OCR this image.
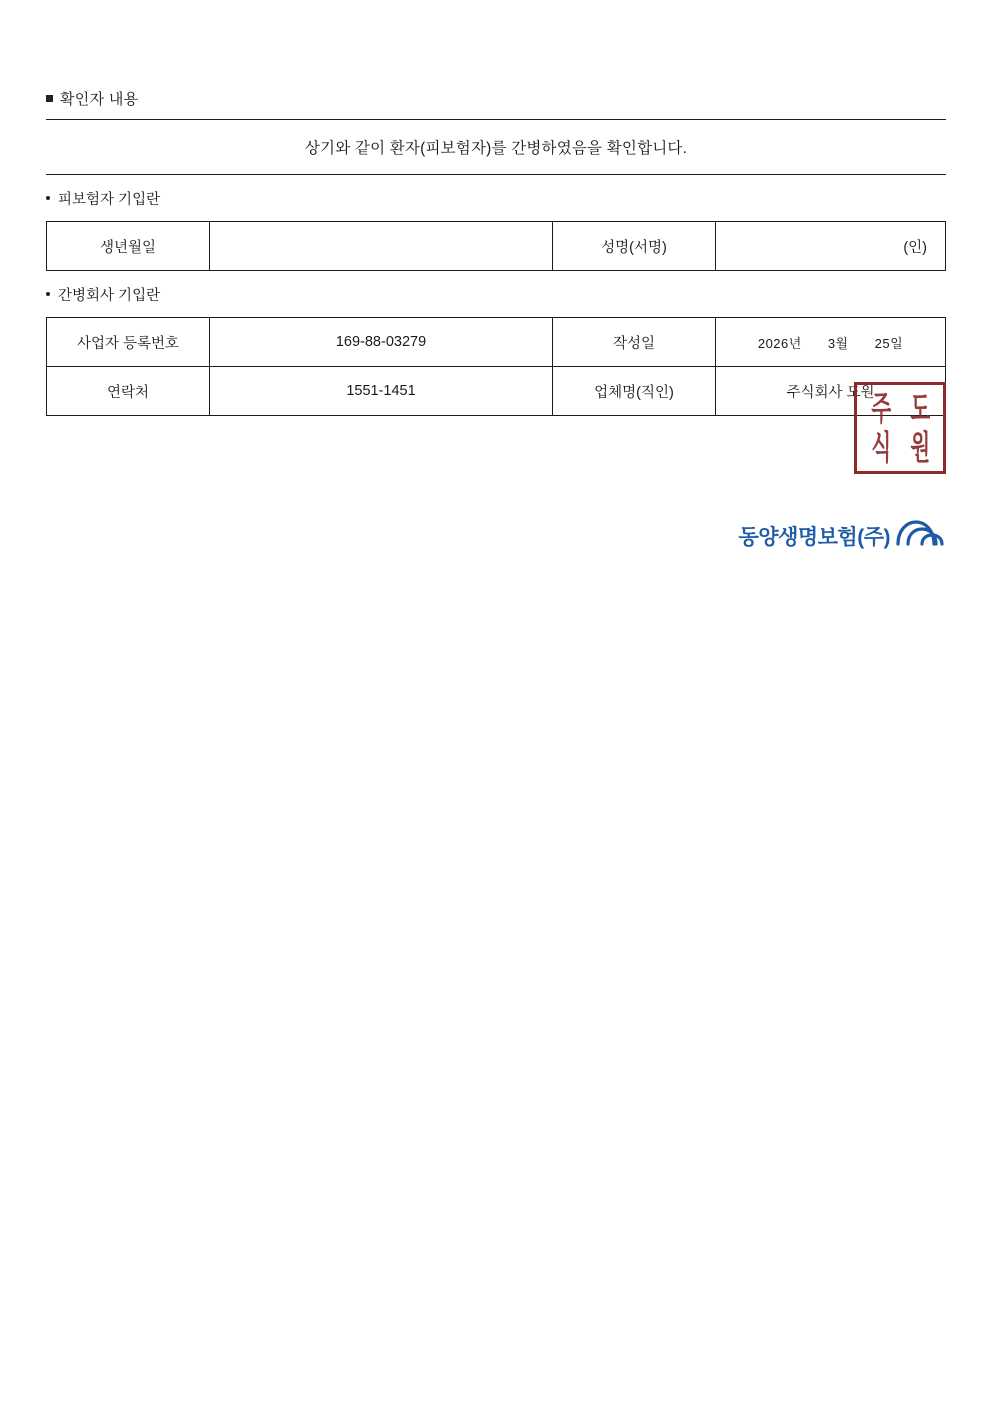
확인자 내용
상기와 같이 환자(피보험자)를 간병하였음을 확인합니다.
피보험자 기입란
생년월일		성명(서명)	(인)
간병회사 기입란
사업자 등록번호	169-88-03279	작성일	2026년 3월 25일

연락처	1551-1451	업체명(직인)	주식회사 도원
주 도
식 원
동양생명보험(주)
